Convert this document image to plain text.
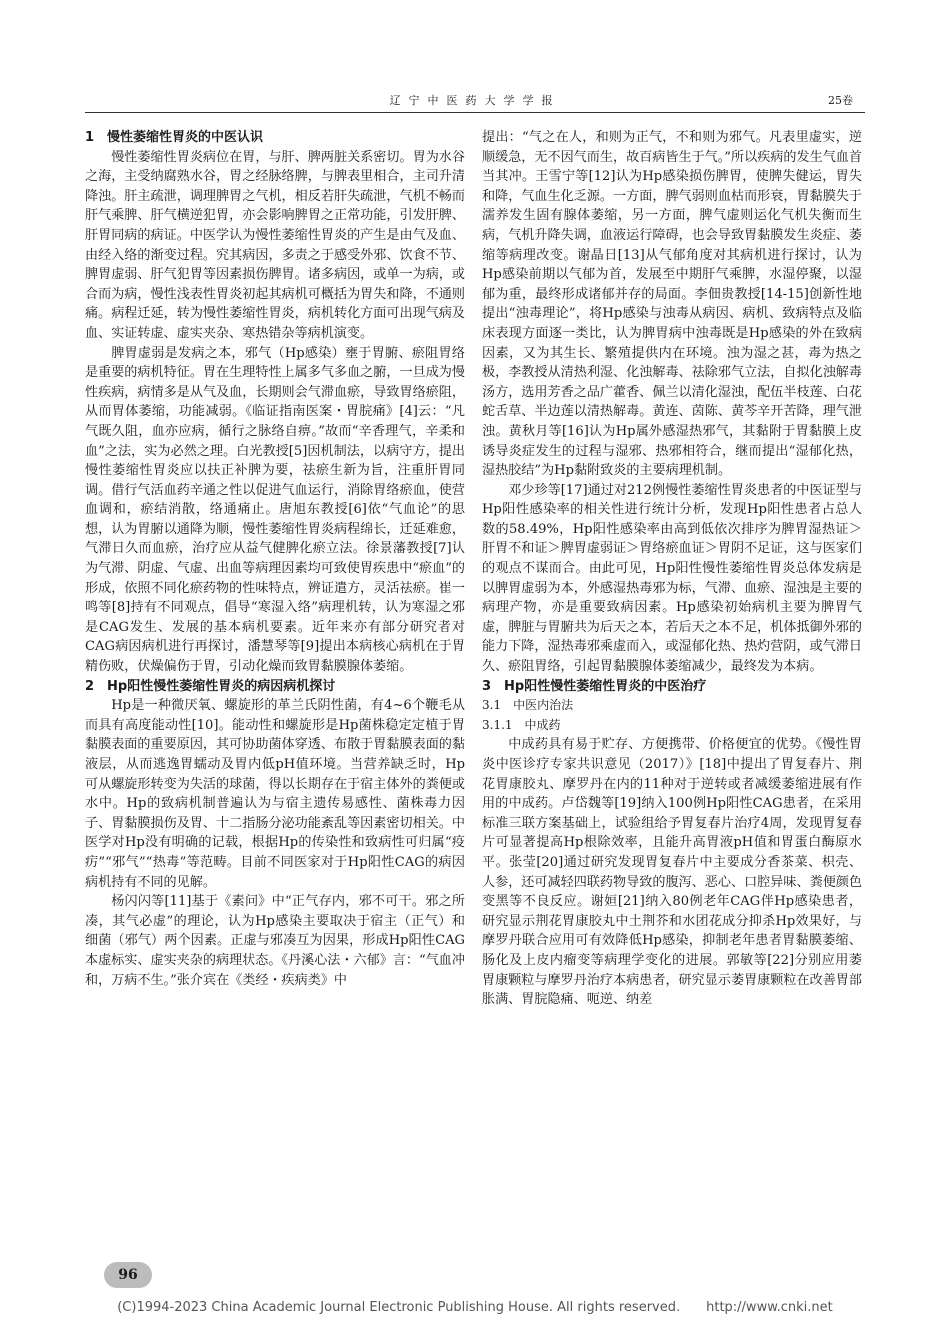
辽宁中医药大学学报	25卷
1　慢性萎缩性胃炎的中医认识

慢性萎缩性胃炎病位在胃，与肝、脾两脏关系密切。胃为水谷之海，主受纳腐熟水谷，胃之经脉络脾，与脾表里相合，主司升清降浊。肝主疏泄，调理脾胃之气机，相反若肝失疏泄，气机不畅而肝气乘脾、肝气横逆犯胃，亦会影响脾胃之正常功能，引发肝脾、肝胃同病的病证。中医学认为慢性萎缩性胃炎的产生是由气及血、由经入络的渐变过程。究其病因，多责之于感受外邪、饮食不节、脾胃虚弱、肝气犯胃等因素损伤脾胃。诸多病因，或单一为病，或合而为病，慢性浅表性胃炎初起其病机可概括为胃失和降，不通则痛。病程迁延，转为慢性萎缩性胃炎，病机转化方面可出现气病及血、实证转虚、虚实夹杂、寒热错杂等病机演变。

脾胃虚弱是发病之本，邪气（Hp感染）壅于胃腑、瘀阻胃络是重要的病机特征。胃在生理特性上属多气多血之腑，一旦成为慢性疾病，病情多是从气及血，长期则会气滞血瘀，导致胃络瘀阻，从而胃体萎缩，功能减弱。《临证指南医案・胃脘痛》[4]云：“凡气既久阻，血亦应病，循行之脉络自痹。”故而“辛香理气，辛柔和血”之法，实为必然之理。白光教授[5]因机制法，以病守方，提出慢性萎缩性胃炎应以扶正补脾为要，祛瘀生新为旨，注重肝胃同调。借行气活血药辛通之性以促进气血运行，消除胃络瘀血，使营血调和，瘀结消散，络通痛止。唐旭东教授[6]依“气血论”的思想，认为胃腑以通降为顺，慢性萎缩性胃炎病程绵长，迁延难愈，气滞日久而血瘀，治疗应从益气健脾化瘀立法。徐景藩教授[7]认为气滞、阴虚、气虚、出血等病理因素均可致使胃疾患中“瘀血”的形成，依照不同化瘀药物的性味特点，辨证遣方，灵活祛瘀。崔一鸣等[8]持有不同观点，倡导“寒湿入络”病理机转，认为寒湿之邪是CAG发生、发展的基本病机要素。近年来亦有部分研究者对CAG病因病机进行再探讨，潘慧琴等[9]提出本病核心病机在于胃精伤败，伏燥偏伤于胃，引动化燥而致胃黏膜腺体萎缩。

2　Hp阳性慢性萎缩性胃炎的病因病机探讨

Hp是一种微厌氧、螺旋形的革兰氏阴性菌，有4~6个鞭毛从而具有高度能动性[10]。能动性和螺旋形是Hp菌株稳定定植于胃黏膜表面的重要原因，其可协助菌体穿透、布散于胃黏膜表面的黏液层，从而逃逸胃蠕动及胃内低pH值环境。当营养缺乏时，Hp可从螺旋形转变为失活的球菌，得以长期存在于宿主体外的粪便或水中。Hp的致病机制普遍认为与宿主遗传易感性、菌株毒力因子、胃黏膜损伤及胃、十二指肠分泌功能紊乱等因素密切相关。中医学对Hp没有明确的记载，根据Hp的传染性和致病性可归属“疫疠”“邪气”“热毒”等范畴。目前不同医家对于Hp阳性CAG的病因病机持有不同的见解。

杨闪闪等[11]基于《素问》中“正气存内，邪不可干。邪之所凑，其气必虚”的理论，认为Hp感染主要取决于宿主（正气）和细菌（邪气）两个因素。正虚与邪凑互为因果，形成Hp阳性CAG本虚标实、虚实夹杂的病理状态。《丹溪心法・六郁》言：“气血冲和，万病不生。”张介宾在《类经・疾病类》中

提出：“气之在人，和则为正气，不和则为邪气。凡表里虚实，逆顺缓急，无不因气而生，故百病皆生于气。”所以疾病的发生气血首当其冲。王雪宁等[12]认为Hp感染损伤脾胃，使脾失健运，胃失和降，气血生化乏源。一方面，脾气弱则血枯而形衰，胃黏膜失于濡养发生固有腺体萎缩，另一方面，脾气虚则运化气机失衡而生病，气机升降失调，血液运行障碍，也会导致胃黏膜发生炎症、萎缩等病理改变。谢晶日[13]从气郁角度对其病机进行探讨，认为Hp感染前期以气郁为首，发展至中期肝气乘脾，水湿停聚，以湿郁为重，最终形成诸郁并存的局面。李佃贵教授[14-15]创新性地提出“浊毒理论”，将Hp感染与浊毒从病因、病机、致病特点及临床表现方面逐一类比，认为脾胃病中浊毒既是Hp感染的外在致病因素，又为其生长、繁殖提供内在环境。浊为湿之甚，毒为热之极，李教授从清热利湿、化浊解毒、祛除邪气立法，自拟化浊解毒汤方，选用芳香之品广藿香、佩兰以清化湿浊，配伍半枝莲、白花蛇舌草、半边莲以清热解毒。黄连、茵陈、黄芩辛开苦降，理气泄浊。黄秋月等[16]认为Hp属外感湿热邪气，其黏附于胃黏膜上皮诱导炎症发生的过程与湿邪、热邪相符合，继而提出“湿郁化热，湿热胶结”为Hp黏附致炎的主要病理机制。

邓少珍等[17]通过对212例慢性萎缩性胃炎患者的中医证型与Hp阳性感染率的相关性进行统计分析，发现Hp阳性患者占总人数的58.49%，Hp阳性感染率由高到低依次排序为脾胃湿热证＞肝胃不和证＞脾胃虚弱证＞胃络瘀血证＞胃阴不足证，这与医家们的观点不谋而合。由此可见，Hp阳性慢性萎缩性胃炎总体发病是以脾胃虚弱为本，外感湿热毒邪为标，气滞、血瘀、湿浊是主要的病理产物，亦是重要致病因素。Hp感染初始病机主要为脾胃气虚，脾脏与胃腑共为后天之本，若后天之本不足，机体抵御外邪的能力下降，湿热毒邪乘虚而入，或湿郁化热、热灼营阴，或气滞日久、瘀阻胃络，引起胃黏膜腺体萎缩减少，最终发为本病。

3　Hp阳性慢性萎缩性胃炎的中医治疗
3.1　中医内治法
3.1.1　中成药

中成药具有易于贮存、方便携带、价格便宜的优势。《慢性胃炎中医诊疗专家共识意见（2017）》[18]中提出了胃复春片、荆花胃康胶丸、摩罗丹在内的11种对于逆转或者减缓萎缩进展有作用的中成药。卢岱魏等[19]纳入100例Hp阳性CAG患者，在采用标准三联方案基础上，试验组给予胃复春片治疗4周，发现胃复春片可显著提高Hp根除效率，且能升高胃液pH值和胃蛋白酶原水平。张莹[20]通过研究发现胃复春片中主要成分香茶菜、枳壳、人参，还可减轻四联药物导致的腹泻、恶心、口腔异味、粪便颜色变黑等不良反应。谢姮[21]纳入80例老年CAG伴Hp感染患者，研究显示荆花胃康胶丸中土荆芥和水团花成分抑杀Hp效果好，与摩罗丹联合应用可有效降低Hp感染，抑制老年患者胃黏膜萎缩、肠化及上皮内瘤变等病理学变化的进展。郭敏等[22]分别应用萎胃康颗粒与摩罗丹治疗本病患者，研究显示萎胃康颗粒在改善胃部胀满、胃脘隐痛、呃逆、纳差

96
(C)1994-2023 China Academic Journal Electronic Publishing House. All rights reserved.　　http://www.cnki.net
